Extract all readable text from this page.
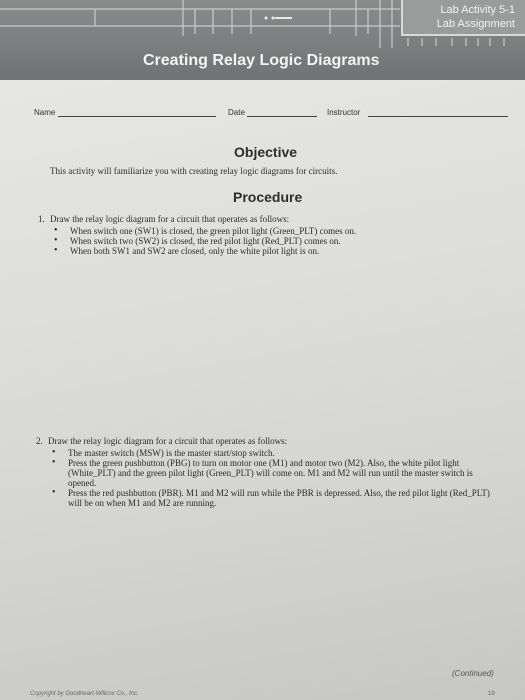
Lab Activity 5-1
Lab Assignment
Creating Relay Logic Diagrams
Name	Date	Instructor
Objective
This activity will familiarize you with creating relay logic diagrams for circuits.
Procedure
1. Draw the relay logic diagram for a circuit that operates as follows:
• When switch one (SW1) is closed, the green pilot light (Green_PLT) comes on.
• When switch two (SW2) is closed, the red pilot light (Red_PLT) comes on.
• When both SW1 and SW2 are closed, only the white pilot light is on.
2. Draw the relay logic diagram for a circuit that operates as follows:
• The master switch (MSW) is the master start/stop switch.
• Press the green pushbutton (PBG) to turn on motor one (M1) and motor two (M2). Also, the white pilot light (White_PLT) and the green pilot light (Green_PLT) will come on. M1 and M2 will run until the master switch is opened.
• Press the red pushbutton (PBR). M1 and M2 will run while the PBR is depressed. Also, the red pilot light (Red_PLT) will be on when M1 and M2 are running.
(Continued)
Copyright by Goodheart-Willcox Co., Inc.	19
